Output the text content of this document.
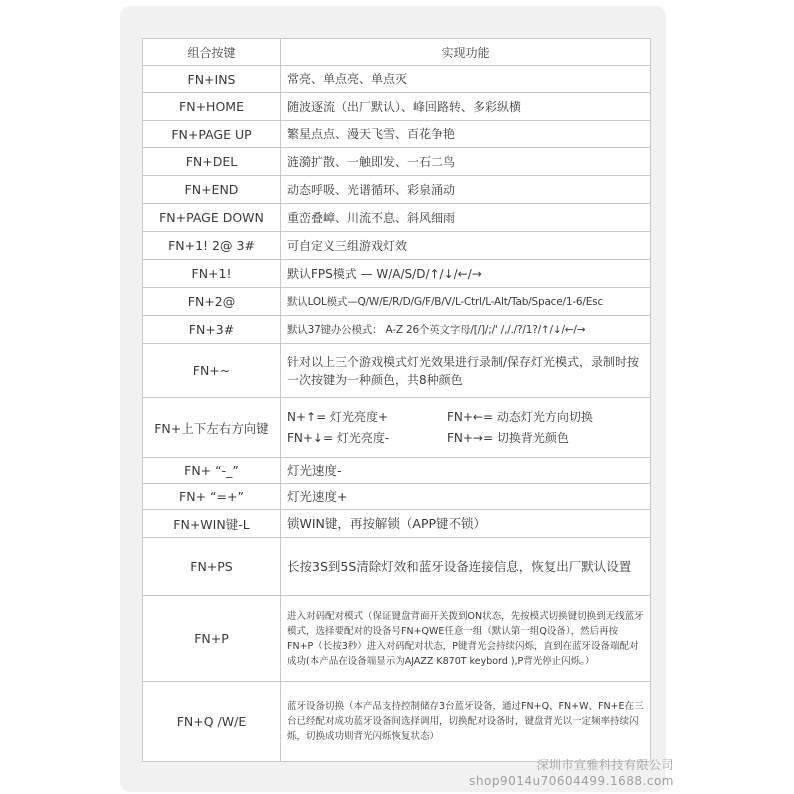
组合按键	实现功能
FN+INS	常亮、单点亮、单点灭
FN+HOME	随波逐流（出厂默认）、峰回路转、多彩纵横
FN+PAGE UP	繁星点点、漫天飞雪、百花争艳
FN+DEL	涟漪扩散、一触即发、一石二鸟
FN+END	动态呼吸、光谱循环、彩泉涌动
FN+PAGE DOWN	重峦叠嶂、川流不息、斜风细雨
FN+1! 2@ 3#	可自定义三组游戏灯效
FN+1!	默认FPS模式 — W/A/S/D/↑/↓/←/→
FN+2@	默认LOL模式—Q/W/E/R/D/G/F/B/V/L-Ctrl/L-Alt/Tab/Space/1-6/Esc
FN+3#	默认37键办公模式： A-Z 26个英文字母/[/]/;/' /,/./?/1?/↑/↓/←/→
FN+~	针对以上三个游戏模式灯光效果进行录制/保存灯光模式，录制时按一次按键为一种颜色，共8种颜色
FN+上下左右方向键	N+↑= 灯光亮度+ FN+←= 动态灯光方向切换
FN+↓= 灯光亮度- FN+→= 切换背光颜色

FN+ “-_”	灯光速度-
FN+ “=+”	灯光速度+
FN+WIN键-L	锁WIN键，再按解锁（APP键不锁）
FN+PS	长按3S到5S清除灯效和蓝牙设备连接信息，恢复出厂默认设置
FN+P	进入对码配对模式（保证键盘背面开关拨到ON状态，先按模式切换键切换到无线蓝牙模式，选择要配对的设备号FN+QWE任意一组（默认第一组Q设备），然后再按FN+P（长按3秒）进入对码配对状态，P键背光会持续闪烁，直到在蓝牙设备端配对成功(本产品在设备端显示为AJAZZ K870T keybord ),P背光停止闪烁。）
FN+Q /W/E	蓝牙设备切换（本产品支持控制储存3台蓝牙设备，通过FN+Q、FN+W、FN+E在三台已经配对成功蓝牙设备间选择调用，切换配对设备时，键盘背光以一定频率持续闪烁，切换成功则背光闪烁恢复状态）
深圳市宣雅科技有限公司
shop9014u70604499.1688.com
